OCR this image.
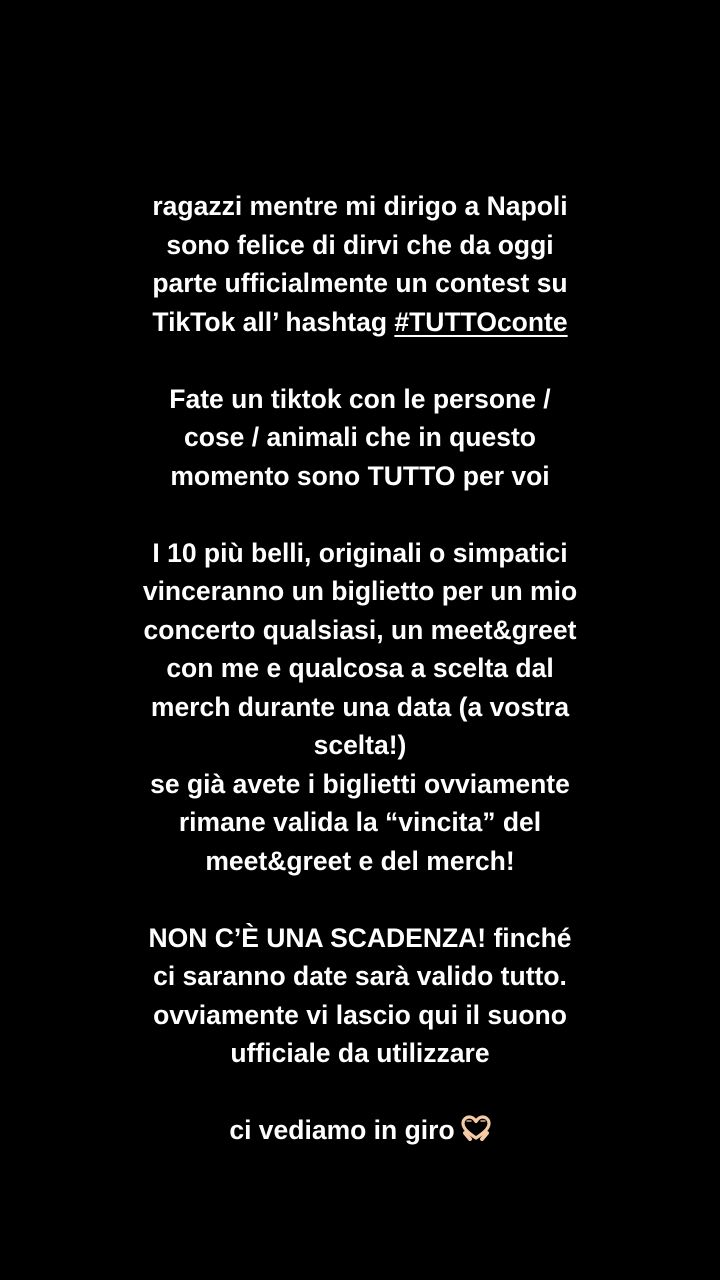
ragazzi mentre mi dirigo a Napoli
sono felice di dirvi che da oggi
parte ufficialmente un contest su
TikTok all’ hashtag #TUTTOconte

Fate un tiktok con le persone /
cose / animali che in questo
momento sono TUTTO per voi

I 10 più belli, originali o simpatici
vinceranno un biglietto per un mio
concerto qualsiasi, un meet&greet
con me e qualcosa a scelta dal
merch durante una data (a vostra
scelta!)
se già avete i biglietti ovviamente
rimane valida la “vincita” del
meet&greet e del merch!

NON C’È UNA SCADENZA! finché
ci saranno date sarà valido tutto.
ovviamente vi lascio qui il suono
ufficiale da utilizzare

ci vediamo in giro
